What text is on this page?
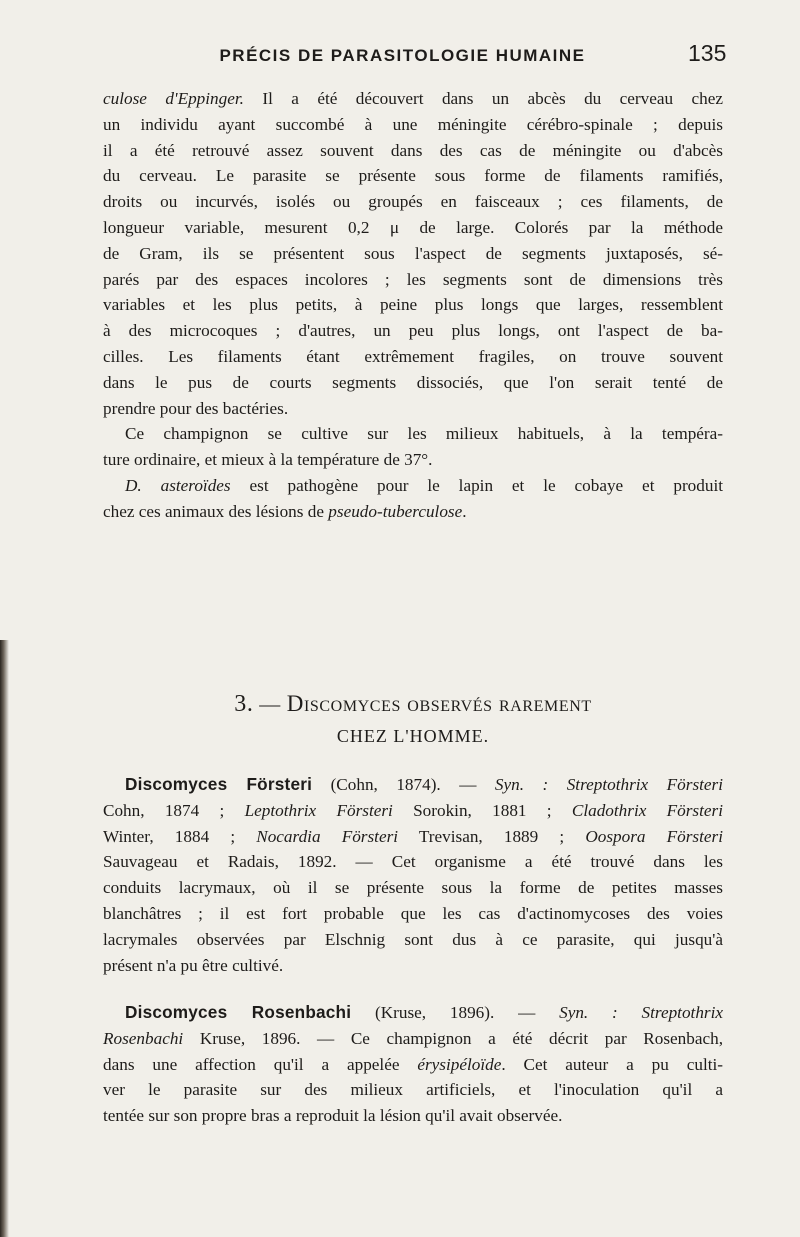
PRÉCIS DE PARASITOLOGIE HUMAINE	135
culose d'Eppinger. Il a été découvert dans un abcès du cerveau chez
un individu ayant succombé à une méningite cérébro-spinale ; depuis
il a été retrouvé assez souvent dans des cas de méningite ou d'abcès
du cerveau. Le parasite se présente sous forme de filaments ramifiés,
droits ou incurvés, isolés ou groupés en faisceaux ; ces filaments, de
longueur variable, mesurent 0,2 μ de large. Colorés par la méthode
de Gram, ils se présentent sous l'aspect de segments juxtaposés, sé-
parés par des espaces incolores ; les segments sont de dimensions très
variables et les plus petits, à peine plus longs que larges, ressemblent
à des microcoques ; d'autres, un peu plus longs, ont l'aspect de ba-
cilles. Les filaments étant extrêmement fragiles, on trouve souvent
dans le pus de courts segments dissociés, que l'on serait tenté de
prendre pour des bactéries.
Ce champignon se cultive sur les milieux habituels, à la tempéra-
ture ordinaire, et mieux à la température de 37°.
D. asteroïdes est pathogène pour le lapin et le cobaye et produit
chez ces animaux des lésions de pseudo-tuberculose.
3. — Discomyces observés rarement
CHEZ L'HOMME.
Discomyces Försteri (Cohn, 1874). — Syn. : Streptothrix Försteri
Cohn, 1874 ; Leptothrix Försteri Sorokin, 1881 ; Cladothrix Försteri
Winter, 1884 ; Nocardia Försteri Trevisan, 1889 ; Oospora Försteri
Sauvageau et Radais, 1892. — Cet organisme a été trouvé dans les
conduits lacrymaux, où il se présente sous la forme de petites masses
blanchâtres ; il est fort probable que les cas d'actinomycoses des voies
lacrymales observées par Elschnig sont dus à ce parasite, qui jusqu'à
présent n'a pu être cultivé.
Discomyces Rosenbachi (Kruse, 1896). — Syn. : Streptothrix
Rosenbachi Kruse, 1896. — Ce champignon a été décrit par Rosenbach,
dans une affection qu'il a appelée érysipéloïde. Cet auteur a pu culti-
ver le parasite sur des milieux artificiels, et l'inoculation qu'il a
tentée sur son propre bras a reproduit la lésion qu'il avait observée.
